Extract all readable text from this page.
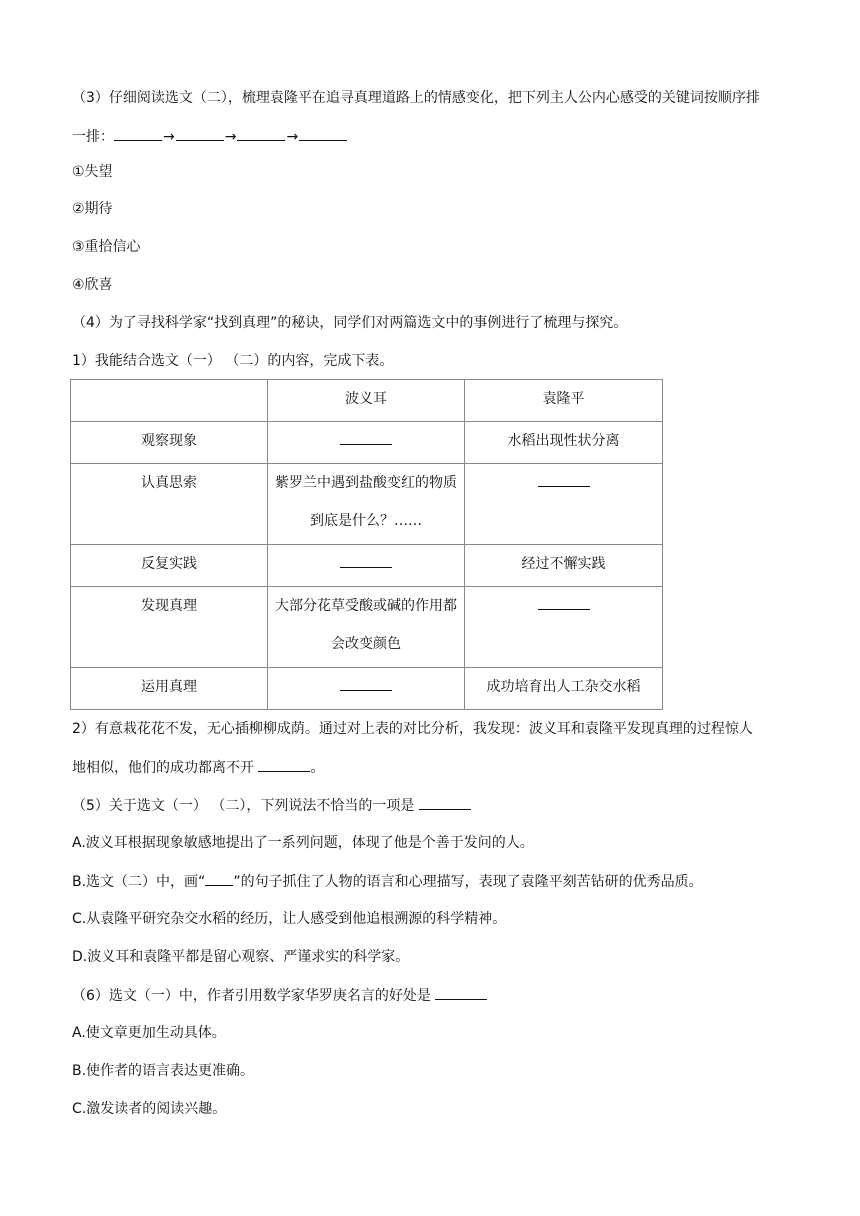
（3）仔细阅读选文（二），梳理袁隆平在追寻真理道路上的情感变化，把下列主人公内心感受的关键词按顺序排
一排：	→	→	→
①失望
②期待
③重拾信心
④欣喜
（4）为了寻找科学家“找到真理”的秘诀，同学们对两篇选文中的事例进行了梳理与探究。
1）我能结合选文（一） （二）的内容，完成下表。
	波义耳	袁隆平
观察现象		水稻出现性状分离
认真思索	紫罗兰中遇到盐酸变红的物质
到底是什么？……	

反复实践		经过不懈实践
发现真理	大部分花草受酸或碱的作用都
会改变颜色	

运用真理		成功培育出人工杂交水稻
2）有意栽花花不发，无心插柳柳成荫。通过对上表的对比分析，我发现：波义耳和袁隆平发现真理的过程惊人
地相似，他们的成功都离不开	。
（5）关于选文（一） （二），下列说法不恰当的一项是
A.波义耳根据现象敏感地提出了一系列问题，体现了他是个善于发问的人。
B.选文（二）中，画“ ”的句子抓住了人物的语言和心理描写，表现了袁隆平刻苦钻研的优秀品质。
C.从袁隆平研究杂交水稻的经历，让人感受到他追根溯源的科学精神。
D.波义耳和袁隆平都是留心观察、严谨求实的科学家。
（6）选文（一）中，作者引用数学家华罗庚名言的好处是
A.使文章更加生动具体。
B.使作者的语言表达更准确。
C.激发读者的阅读兴趣。
